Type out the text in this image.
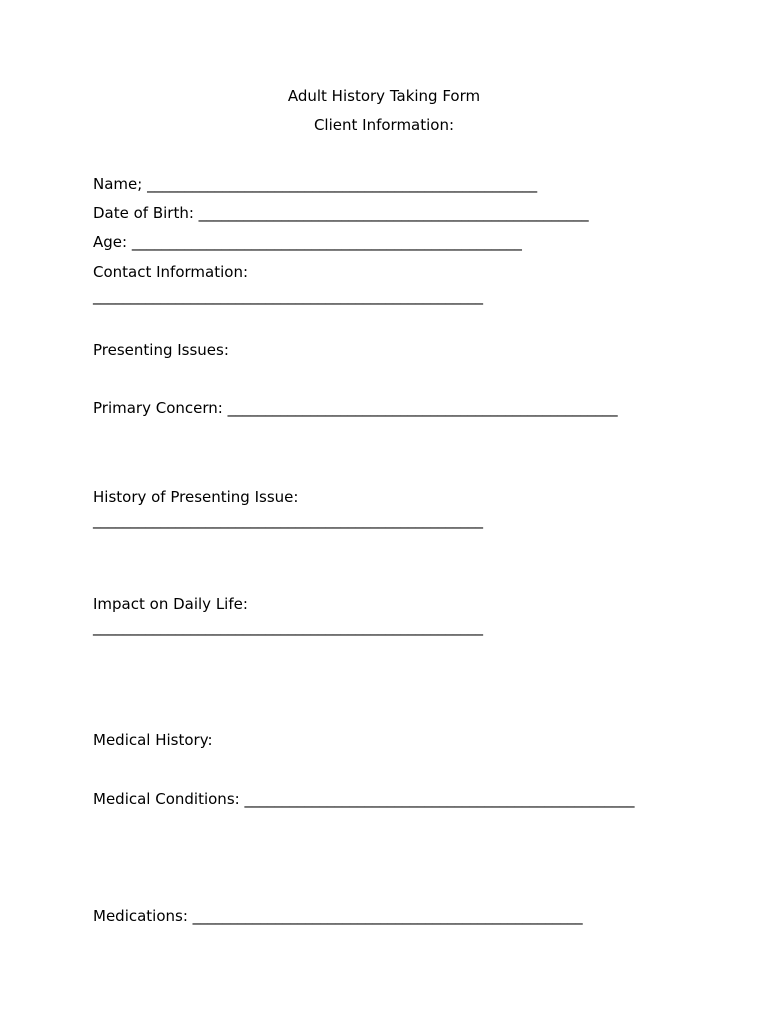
Adult History Taking Form

Client Information:

Name; ____________________________________________________

Date of Birth: ____________________________________________________

Age: ____________________________________________________

Contact Information:

____________________________________________________

Presenting Issues:

Primary Concern: ____________________________________________________

History of Presenting Issue:

____________________________________________________

Impact on Daily Life:

____________________________________________________

Medical History:

Medical Conditions: ____________________________________________________

Medications: ____________________________________________________
